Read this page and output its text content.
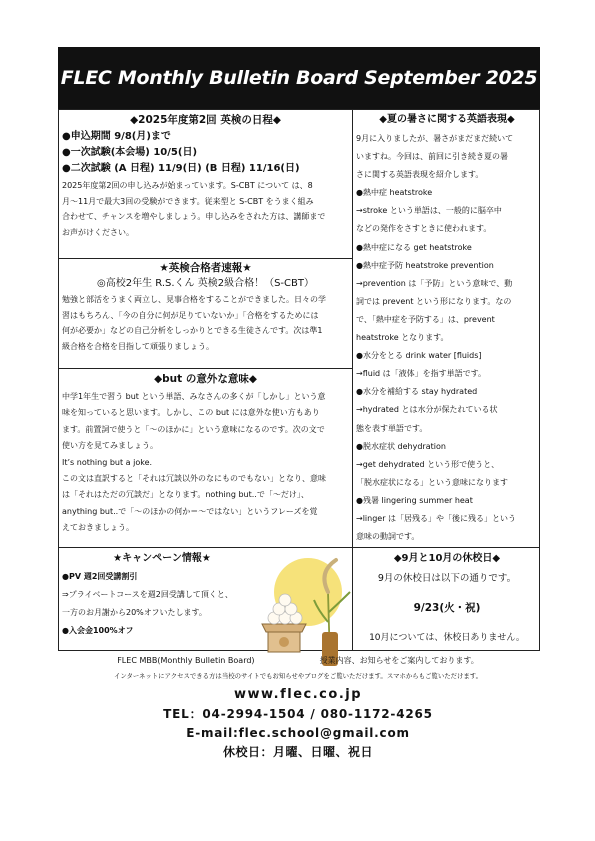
FLEC Monthly Bulletin Board September 2025
◆2025年度第2回 英検の日程◆
●申込期間 9/8(月)まで
●一次試験(本会場) 10/5(日)
●二次試験 (A 日程) 11/9(日) (B 日程) 11/16(日)
2025年度第2回の申し込みが始まっています。S-CBT について は、8
月～11月で最大3回の受験ができます。従来型と S-CBT をうまく組み
合わせて、チャンスを増やしましょう。申し込みをされた方は、講師まで
お声がけください。
★英検合格者速報★
◎高校2年生 R.S.くん 英検2級合格！（S-CBT）
勉強と部活をうまく両立し、見事合格をすることができました。日々の学
習はもちろん、「今の自分に何が足りていないか」「合格をするためには
何が必要か」などの自己分析をしっかりとできる生徒さんです。次は準1
級合格を合格を目指して頑張りましょう。
◆but の意外な意味◆
中学1年生で習う but という単語、みなさんの多くが「しかし」という意
味を知っていると思います。しかし、この but には意外な使い方もあり
ます。前置詞で使うと「～のほかに」という意味になるのです。次の文で
使い方を見てみましょう。
It’s nothing but a joke.
この文は直訳すると「それは冗談以外のなにものでもない」となり、意味
は「それはただの冗談だ」となります。nothing but..で「～だけ」、
anything but..で「～のほかの何か＝～ではない」というフレーズを覚
えておきましょう。
◆夏の暑さに関する英語表現◆
9月に入りましたが、暑さがまだまだ続いて
いますね。今回は、前回に引き続き夏の暑
さに関する英語表現を紹介します。
●熱中症 heatstroke
→stroke という単語は、一般的に脳卒中
などの発作をさすときに使われます。
●熱中症になる get heatstroke
●熱中症予防 heatstroke prevention
→prevention は「予防」という意味で、動
詞では prevent という形になります。なの
で、「熱中症を予防する」は、prevent
heatstroke となります。
●水分をとる drink water [fluids]
→fluid は「液体」を指す単語です。
●水分を補給する stay hydrated
→hydrated とは水分が保たれている状
態を表す単語です。
●脱水症状 dehydration
→get dehydrated という形で使うと、
「脱水症状になる」という意味になります
●残暑 lingering summer heat
→linger は「居残る」や「後に残る」という
意味の動詞です。
★キャンペーン情報★
●PV 週2回受講割引
⇒プライベートコースを週2回受講して頂くと、
一方のお月謝から20%オフいたします。
●入会金100%オフ
◆9月と10月の休校日◆
9月の休校日は以下の通りです。
9/23(火・祝)
10月については、休校日ありません。
FLEC MBB(Monthly Bulletin Board)	授業内容、お知らせをご案内しております。
インターネットにアクセスできる方は当校のサイトでもお知らせやブログをご覧いただけます。スマホからもご覧いただけます。
www.flec.co.jp
TEL：04-2994-1504 / 080-1172-4265
E-mail:flec.school@gmail.com
休校日：月曜、日曜、祝日
